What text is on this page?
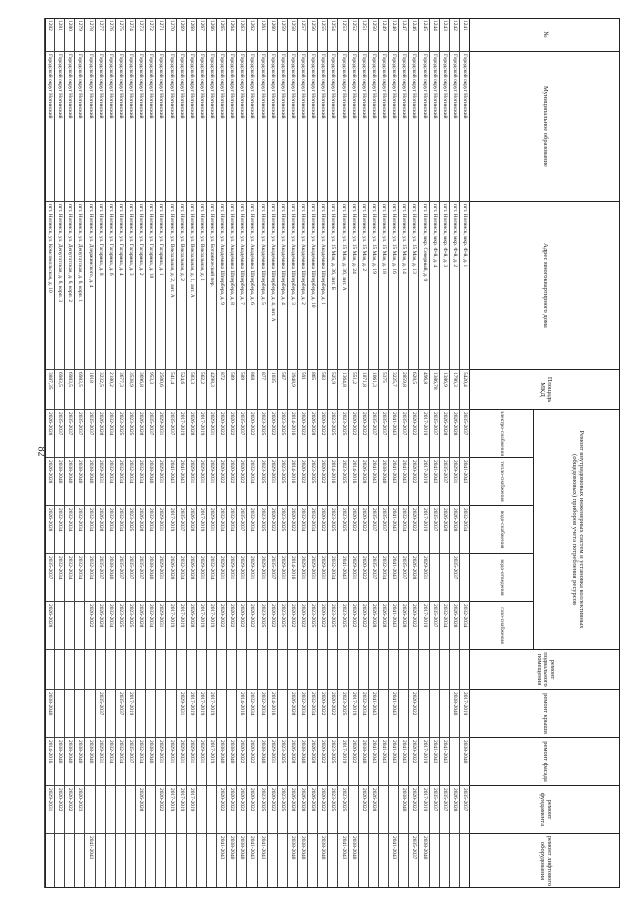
82
№
Муниципальное образование
Адрес многоквартирного дома
Площадь МКД
Ремонт внутридомовых инженерных систем и установка коллективных (общедомовых) приборов учета потребления ресурсов
электро-снабжения
тепло-снабжения
водо-снабжения
водо-отведения
газо-снабжения
ремонт подвального помещения
ремонт крыши
ремонт фасада
ремонт фундамента
ремонт лифтового оборудования
1241
Городской округ Ногинский
пгт. Ногинск, мкр. Ф-й, д. 1
5420,4
2035-2037
2041-2043
2032-2034
2032-2034
2017-2019
2038-2040
2035-2037
1242
Городской округ Ногинский
пгт. Ногинск, мкр. Ф-й, д. 2
1796,3
2026-2028
2029-2031
2026-2028
2035-2037
2026-2028
2038-2040
2026-2028
1243
Городской округ Ногинский
пгт. Ногинск, мкр. Ф-й, д. 3
1386,9
2026-2028
2035-2037
2026-2028
2032-2034
2041-2043
2035-2037
1244
Городской округ Ногинский
пгт. Ногинск, мкр. Ф-й, д. 4
1386,78
2035-2037
2041-2043
2035-2037
2035-2037
2041-2043
2035-2037
1245
Городской округ Ногинский
пгт. Ногинск, мкр. Северный, д. 9
496,8
2017-2019
2017-2019
2017-2019
2029-2031
2017-2019
2017-2019
2017-2019
2038-2040
1246
Городской округ Ногинский
пгт. Ногинск, ул. 15 Мая, д. 13
620,5
2020-2022
2020-2022
2020-2022
2026-2028
2020-2022
2020-2022
2020-2022
2020-2022
2035-2037
1247
Городской округ Ногинский
пгт. Ногинск, ул. 15 Мая, д. 14
2859,8
2035-2037
2041-2043
2032-2034
2035-2037
2026-2028
2041-2043
2038-2040
1248
Городской округ Ногинский
пгт. Ногинск, ул. 15 Мая, д. 16
3225,7
2041-2043
2041-2043
2041-2043
2041-2043
2041-2043
2041-2043
2041-2043
2041-2043
1249
Городской округ Ногинский
пгт. Ногинск, ул. 15 Мая, д. 18
5375
2035-2037
2038-2040
2035-2037
2032-2034
2026-2028
2041-2043
1250
Городской округ Ногинский
пгт. Ногинск, ул. 15 Мая, д. 19
1061,3
2035-2037
2041-2043
2035-2037
2035-2037
2026-2028
2041-2043
2041-2043
2026-2028
1251
Городской округ Ногинский
пгт. Ногинск, ул. 15 Мая, д. 2
1871,8
2020-2022
2026-2028
2020-2022
2020-2022
2020-2022
2032-2034
2038-2040
2020-2022
1252
Городской округ Ногинский
пгт. Ногинск, ул. 15 Мая, д. 24
551,2
2020-2022
2014-2016
2020-2022
2029-2031
2020-2022
2017-2019
2020-2022
2038-2040
1253
Городской округ Ногинский
пгт. Ногинск, ул. 15 Мая, д. 36, лит. А
1364,8
2023-2025
2023-2025
2023-2025
2041-2043
2023-2025
2023-2025
2017-2019
2023-2025
2041-2043
1254
Городской округ Ногинский
пгт. Ногинск, ул. 15 Мая, д. 36, лит. Б
525,9
2023-2025
2014-2016
2023-2025
2032-2034
2023-2025
2020-2022
2023-2025
2023-2025
1255
Городской округ Ногинский
пгт. Ногинск, ул. Академика Шпербера, д. 1
583
2020-2022
2020-2022
2020-2022
2029-2031
2020-2022
2020-2022
2020-2022
2020-2022
2038-2040
1256
Городской округ Ногинский
пгт. Ногинск, ул. Академика Шпербера, д. 10
865
2026-2028
2023-2025
2032-2034
2029-2031
2023-2025
2032-2034
2026-2028
2026-2028
1257
Городской округ Ногинский
пгт. Ногинск, ул. Академика Шпербера, д. 2
591
2020-2022
2020-2022
2032-2034
2029-2031
2020-2022
2032-2034
2038-2040
2026-2028
2038-2040
1258
Городской округ Ногинский
пгт. Ногинск, ул. Академика Шпербера, д. 3
3948,9
2014-2016
2014-2016
2020-2022
2014-2016
2020-2022
2026-2028
2026-2028
2026-2028
2038-2040
1259
Городской округ Ногинский
пгт. Ногинск, ул. Академика Шпербера, д. 4
587
2023-2025
2023-2025
2023-2025
2029-2031
2023-2025
2023-2025
2023-2025
1260
Городской округ Ногинский
пгт. Ногинск, ул. Академика Шпербера, д. 4, лит. А
1035
2020-2022
2029-2031
2020-2022
2035-2037
2020-2022
2014-2016
2029-2031
2020-2022
1261
Городской округ Ногинский
пгт. Ногинск, ул. Академика Шпербера, д. 5
877
2023-2025
2023-2025
2023-2025
2029-2031
2023-2025
2032-2034
2038-2040
2023-2025
2041-2043
1262
Городской округ Ногинский
пгт. Ногинск, ул. Академика Шпербера, д. 6
868
2020-2022
2032-2034
2032-2034
2029-2031
2020-2022
2032-2034
2020-2022
2020-2022
2041-2043
1263
Городской округ Ногинский
пгт. Ногинск, ул. Академика Шпербера, д. 7
589
2035-2037
2020-2022
2035-2037
2029-2031
2020-2022
2014-2016
2020-2022
2020-2022
2038-2040
1264
Городской округ Ногинский
пгт. Ногинск, ул. Академика Шпербера, д. 8
589
2020-2022
2020-2022
2032-2034
2029-2031
2020-2022
2038-2040
2020-2022
2038-2040
1265
Городской округ Ногинский
пгт. Ногинск, ул. Академика Шпербера, д. 9
872
2020-2022
2020-2022
2032-2034
2029-2031
2020-2022
2038-2040
2020-2022
2041-2043
1266
Городской округ Ногинский
пгт. Ногинск, ул. Ботанический пер.
4298,3
2029-2031
2029-2031
2029-2031
2032-2034
2017-2019
2017-2019
2017-2019
1267
Городской округ Ногинский
пгт. Ногинск, ул. Вокзальная, д. 1
562,2
2017-2019
2029-2031
2017-2019
2029-2031
2017-2019
2017-2019
2029-2031
1268
Городской округ Ногинский
пгт. Ногинск, ул. Вокзальная, д. 1, лит. А
583,3
2026-2028
2029-2031
2026-2028
2026-2028
2026-2028
2017-2019
2029-2031
2017-2019
1269
Городской округ Ногинский
пгт. Ногинск, ул. Вокзальная, д. 2
524,6
2017-2019
2041-2043
2035-2037
2032-2034
2017-2019
2029-2031
2029-2031
2017-2019
1270
Городской округ Ногинский
пгт. Ногинск, ул. Вокзальная, д. 2, лит. А
541,4
2035-2037
2041-2043
2017-2019
2026-2028
2017-2019
2029-2031
2017-2019
1271
Городской округ Ногинский
пгт. Ногинск, ул. Гагарина, д. 1
2500,6
2029-2031
2029-2031
2029-2031
2029-2031
2029-2031
2029-2031
2020-2022
1272
Городской округ Ногинский
пгт. Ногинск, ул. Гагарина, д. 10
953,3
2035-2037
2038-2040
2032-2034
2038-2040
2032-2034
2038-2040
1273
Городской округ Ногинский
пгт. Ногинск, ул. Гагарина, д. 2
3696,8
2026-2028
2032-2034
2026-2028
2035-2037
2026-2028
2032-2034
2026-2028
1274
Городской округ Ногинский
пгт. Ногинск, ул. Гагарина, д. 3
3538,9
2023-2025
2032-2034
2023-2025
2035-2037
2023-2025
2017-2019
2035-2037
1275
Городской округ Ногинский
пгт. Ногинск, ул. Гагарина, д. 4
3677,3
2023-2025
2032-2034
2032-2034
2035-2037
2023-2025
2035-2037
2032-2034
1276
Городской округ Ногинский
пгт. Ногинск, ул. Гагарина, д. 6
2180,2
2032-2034
2032-2034
2032-2034
2038-2040
2032-2034
2032-2034
1277
Городской округ Ногинский
пгт. Ногинск, ул. Гагарина, д. 8
3232,5
2026-2028
2029-2031
2026-2028
2035-2037
2026-2028
2035-2037
2029-2031
1278
Городской округ Ногинский
пгт. Ногинск, ул. Дзержинского, д. 4
1018
2035-2037
2038-2040
2032-2034
2032-2034
2020-2022
2038-2040
2041-2043
1279
Городской округ Ногинский
пгт. Ногинск, ул. Депутатская, д. 6, корп. 1
6983,5
2035-2037
2038-2040
2032-2034
2032-2034
2038-2040
2020-2023
1280
Городской округ Ногинский
пгт. Ногинск, ул. Депутатская, д. 6, корп. 2
6983,5
2035-2037
2038-2040
2032-2034
2032-2034
2038-2040
2020-2022
1281
Городской округ Ногинский
пгт. Ногинск, ул. Депутатская, д. 6, корп. 3
6983,5
2035-2037
2038-2040
2032-2034
2032-2034
2038-2040
2020-2022
1282
Городской округ Ногинский
пгт. Ногинск, ул. Комсомольская, д. 10
3887,35
2026-2028
2026-2028
2026-2028
2035-2037
2026-2028
2038-2040
2014-2016
2029-2031
